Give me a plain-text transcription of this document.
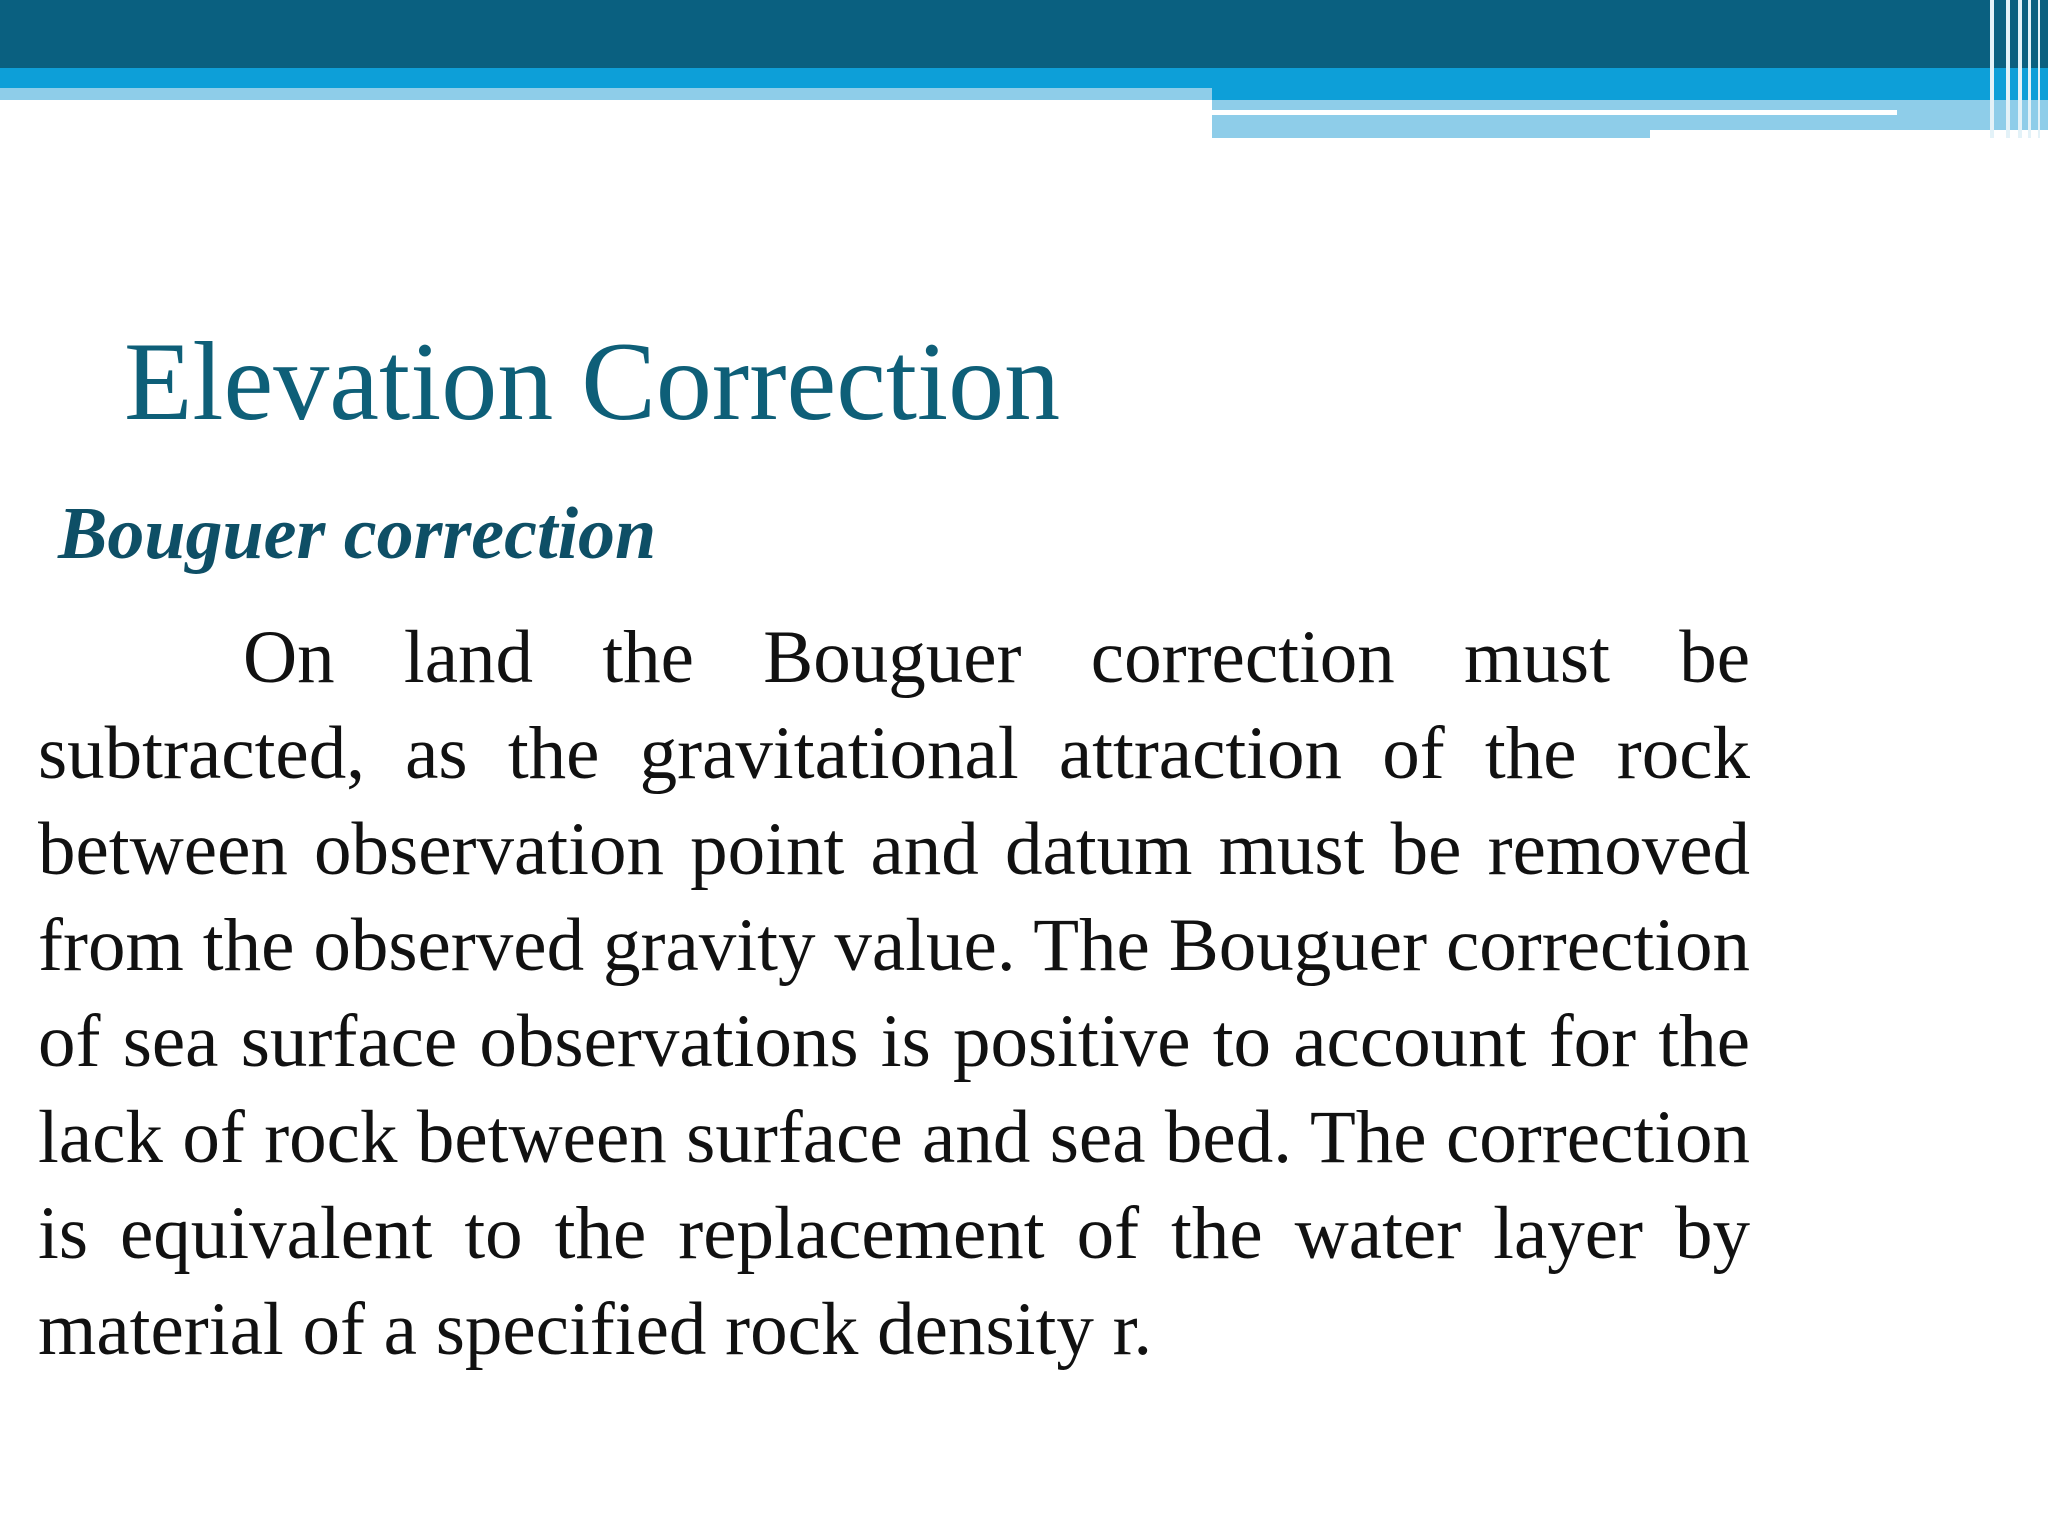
Elevation Correction
Bouguer correction

On land the Bouguer correction must be subtracted, as the gravitational attraction of the rock between observation point and datum must be removed from the observed gravity value. The Bouguer correction of sea surface observations is positive to account for the lack of rock between surface and sea bed. The correction is equivalent to the replacement of the water layer by material of a specified rock density r.
